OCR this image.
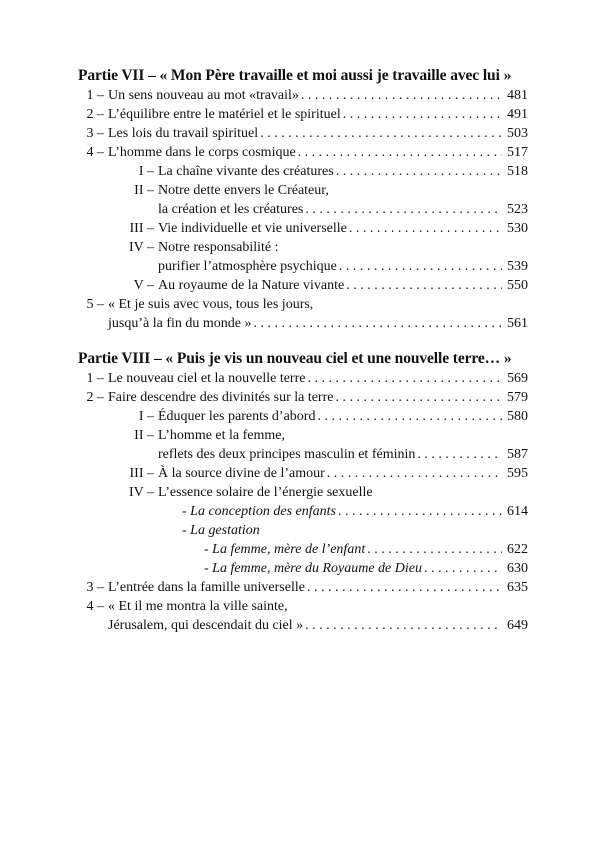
Partie VII – « Mon Père travaille et moi aussi je travaille avec lui »
1 – Un sens nouveau au mot «travail» . . .	481
2 – L’équilibre entre le matériel et le spirituel . . .	491
3 – Les lois du travail spirituel . . .	503
4 – L’homme dans le corps cosmique . . .	517
I – La chaîne vivante des créatures . . .	518
II – Notre dette envers le Créateur,
la création et les créatures . . .	523
III – Vie individuelle et vie universelle . . .	530
IV – Notre responsabilité :
purifier l’atmosphère psychique . . .	539
V – Au royaume de la Nature vivante . . .	550
5 – « Et je suis avec vous, tous les jours,
jusqu’à la fin du monde » . . .	561
Partie VIII – « Puis je vis un nouveau ciel et une nouvelle terre… »
1 – Le nouveau ciel et la nouvelle terre . . .	569
2 – Faire descendre des divinités sur la terre . . .	579
I – Éduquer les parents d’abord . . .	580
II – L’homme et la femme,
reflets des deux principes masculin et féminin . . .	587
III – À la source divine de l’amour . . .	595
IV – L’essence solaire de l’énergie sexuelle
- La conception des enfants . . .	614
- La gestation
- La femme, mère de l’enfant . . .	622
- La femme, mère du Royaume de Dieu . . .	630
3 – L’entrée dans la famille universelle . . .	635
4 – « Et il me montra la ville sainte,
Jérusalem, qui descendait du ciel » . . .	649
